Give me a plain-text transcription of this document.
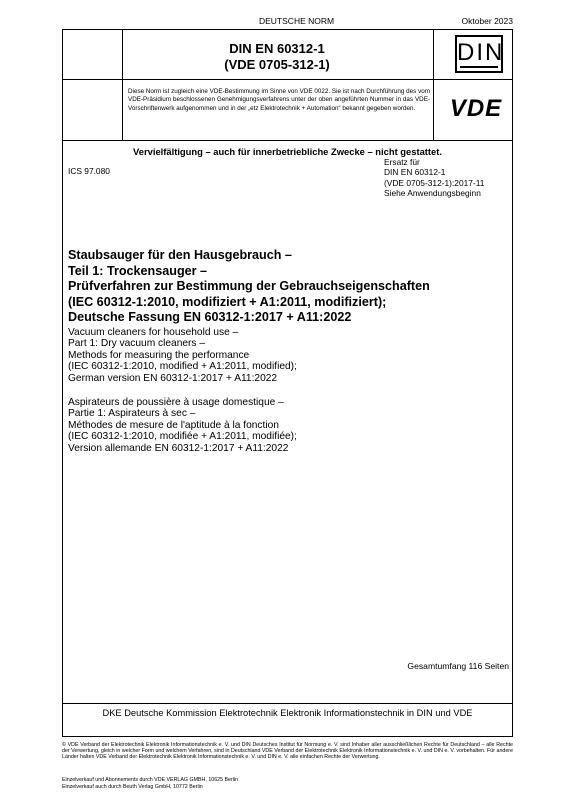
DEUTSCHE NORM	Oktober 2023
DIN EN 60312-1
(VDE 0705-312-1)	DIN
Diese Norm ist zugleich eine VDE-Bestimmung im Sinne von VDE 0022. Sie ist nach Durchführung des vom VDE-Präsidium beschlossenen Genehmigungsverfahrens unter der oben angeführten Nummer in das VDE-Vorschriftenwerk aufgenommen und in der „etz Elektrotechnik + Automation“ bekannt gegeben worden.	VDE
Vervielfältigung – auch für innerbetriebliche Zwecke – nicht gestattet.
ICS 97.080
Ersatz für
DIN EN 60312-1
(VDE 0705-312-1):2017-11
Siehe Anwendungsbeginn
Staubsauger für den Hausgebrauch –
Teil 1: Trockensauger –
Prüfverfahren zur Bestimmung der Gebrauchseigenschaften
(IEC 60312-1:2010, modifiziert + A1:2011, modifiziert);
Deutsche Fassung EN 60312-1:2017 + A11:2022
Vacuum cleaners for household use –
Part 1: Dry vacuum cleaners –
Methods for measuring the performance
(IEC 60312-1:2010, modified + A1:2011, modified);
German version EN 60312-1:2017 + A11:2022
Aspirateurs de poussière à usage domestique –
Partie 1: Aspirateurs à sec –
Méthodes de mesure de l'aptitude à la fonction
(IEC 60312-1:2010, modifiée + A1:2011, modifiée);
Version allemande EN 60312-1:2017 + A11:2022
Gesamtumfang 116 Seiten
DKE Deutsche Kommission Elektrotechnik Elektronik Informationstechnik in DIN und VDE
© VDE Verband der Elektrotechnik Elektronik Informationstechnik e. V. und DIN Deutsches Institut für Normung e. V. sind Inhaber aller ausschließlichen Rechte für Deutschland – alle Rechte der Verwertung, gleich in welcher Form und welchem Verfahren, sind in Deutschland VDE Verband der Elektrotechnik Elektronik Informationstechnik e. V. und DIN e. V. vorbehalten. Für andere Länder halten VDE Verband der Elektrotechnik Elektronik Informationstechnik e. V. und DIN e. V. alle einfachen Rechte der Verwertung.
Einzelverkauf und Abonnements durch VDE VERLAG GMBH, 10625 Berlin
Einzelverkauf auch durch Beuth Verlag GmbH, 10772 Berlin
